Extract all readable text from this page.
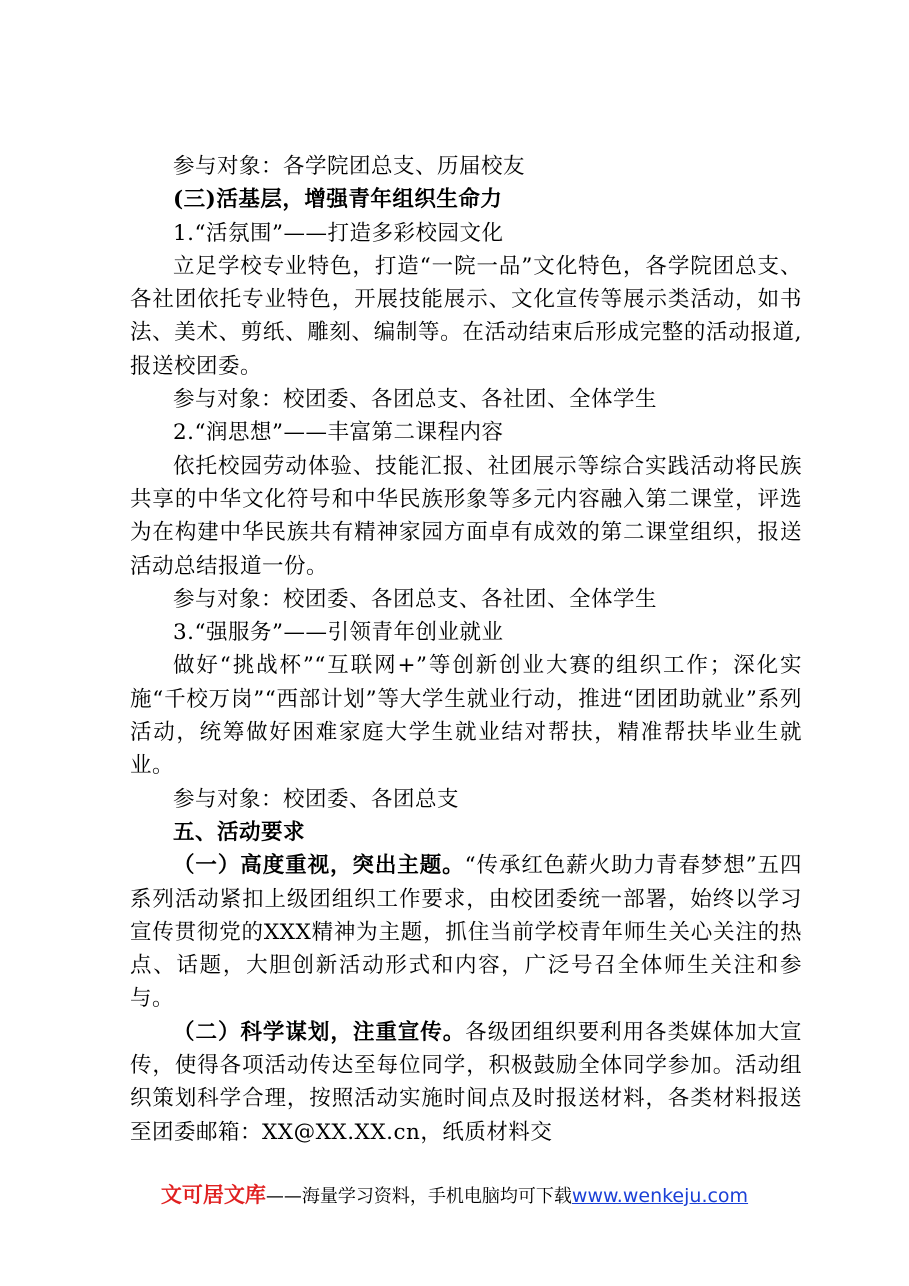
参与对象：各学院团总支、历届校友

(三)活基层，增强青年组织生命力

1.“活氛围”——打造多彩校园文化

立足学校专业特色，打造“一院一品”文化特色，各学院团总支、各社团依托专业特色，开展技能展示、文化宣传等展示类活动，如书法、美术、剪纸、雕刻、编制等。在活动结束后形成完整的活动报道,报送校团委。

参与对象：校团委、各团总支、各社团、全体学生

2.“润思想”——丰富第二课程内容

依托校园劳动体验、技能汇报、社团展示等综合实践活动将民族共享的中华文化符号和中华民族形象等多元内容融入第二课堂，评选为在构建中华民族共有精神家园方面卓有成效的第二课堂组织，报送活动总结报道一份。

参与对象：校团委、各团总支、各社团、全体学生

3.“强服务”——引领青年创业就业

做好“挑战杯”“互联网+”等创新创业大赛的组织工作；深化实施“千校万岗”“西部计划”等大学生就业行动，推进“团团助就业”系列活动，统筹做好困难家庭大学生就业结对帮扶，精准帮扶毕业生就业。

参与对象：校团委、各团总支

五、活动要求

（一）高度重视，突出主题。“传承红色薪火助力青春梦想”五四系列活动紧扣上级团组织工作要求，由校团委统一部署，始终以学习宣传贯彻党的XXX精神为主题，抓住当前学校青年师生关心关注的热点、话题，大胆创新活动形式和内容，广泛号召全体师生关注和参与。

（二）科学谋划，注重宣传。各级团组织要利用各类媒体加大宣传，使得各项活动传达至每位同学，积极鼓励全体同学参加。活动组织策划科学合理，按照活动实施时间点及时报送材料，各类材料报送至团委邮箱：XX@XX.XX.cn，纸质材料交

文可居文库——海量学习资料，手机电脑均可下载www.wenkeju.com
